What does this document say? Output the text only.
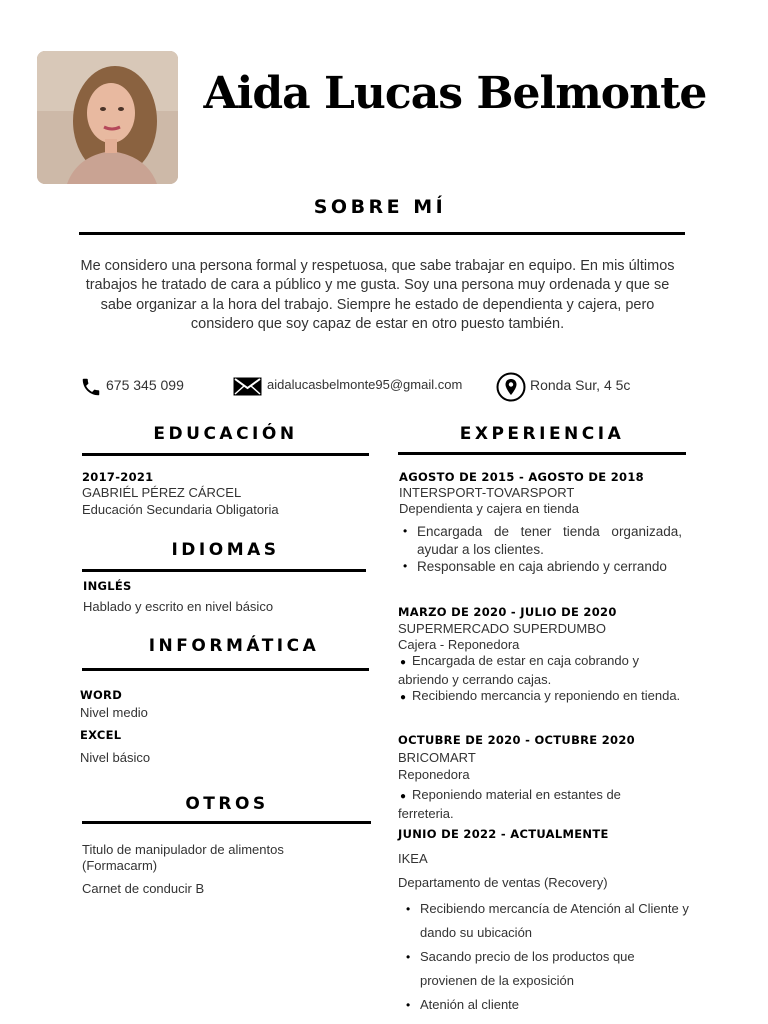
Aida Lucas Belmonte
SOBRE MÍ
Me considero una persona formal y respetuosa, que sabe trabajar en equipo. En mis últimos trabajos he tratado de cara a público y me gusta. Soy una persona muy ordenada y que se sabe organizar a la hora del trabajo. Siempre he estado de dependienta y cajera, pero considero que soy capaz de estar en otro puesto también.
675 345 099	aidalucasbelmonte95@gmail.com	Ronda Sur, 4 5c
EDUCACIÓN
2017-2021
GABRIÉL PÉREZ CÁRCEL
Educación Secundaria Obligatoria
IDIOMAS
INGLÉS
Hablado y escrito en nivel básico
INFORMÁTICA
WORD
Nivel medio
EXCEL
Nivel básico
OTROS
Titulo de manipulador de alimentos (Formacarm)
Carnet de conducir B
EXPERIENCIA
AGOSTO DE 2015 - AGOSTO DE 2018
INTERSPORT-TOVARSPORT
Dependienta y cajera en tienda
• Encargada de tener tienda organizada, ayudar a los clientes.
• Responsable en caja abriendo y cerrando
MARZO DE 2020 - JULIO DE 2020
SUPERMERCADO SUPERDUMBO
Cajera - Reponedora
● Encargada de estar en caja cobrando y abriendo y cerrando cajas.
● Recibiendo mercancia y reponiendo en tienda.
OCTUBRE DE 2020 - OCTUBRE 2020
BRICOMART
Reponedora
● Reponiendo material en estantes de ferreteria.
JUNIO DE 2022 - ACTUALMENTE
IKEA
Departamento de ventas (Recovery)
• Recibiendo mercancía de Atención al Cliente y dando su ubicación
• Sacando precio de los productos que provienen de la exposición
• Atenión al cliente
